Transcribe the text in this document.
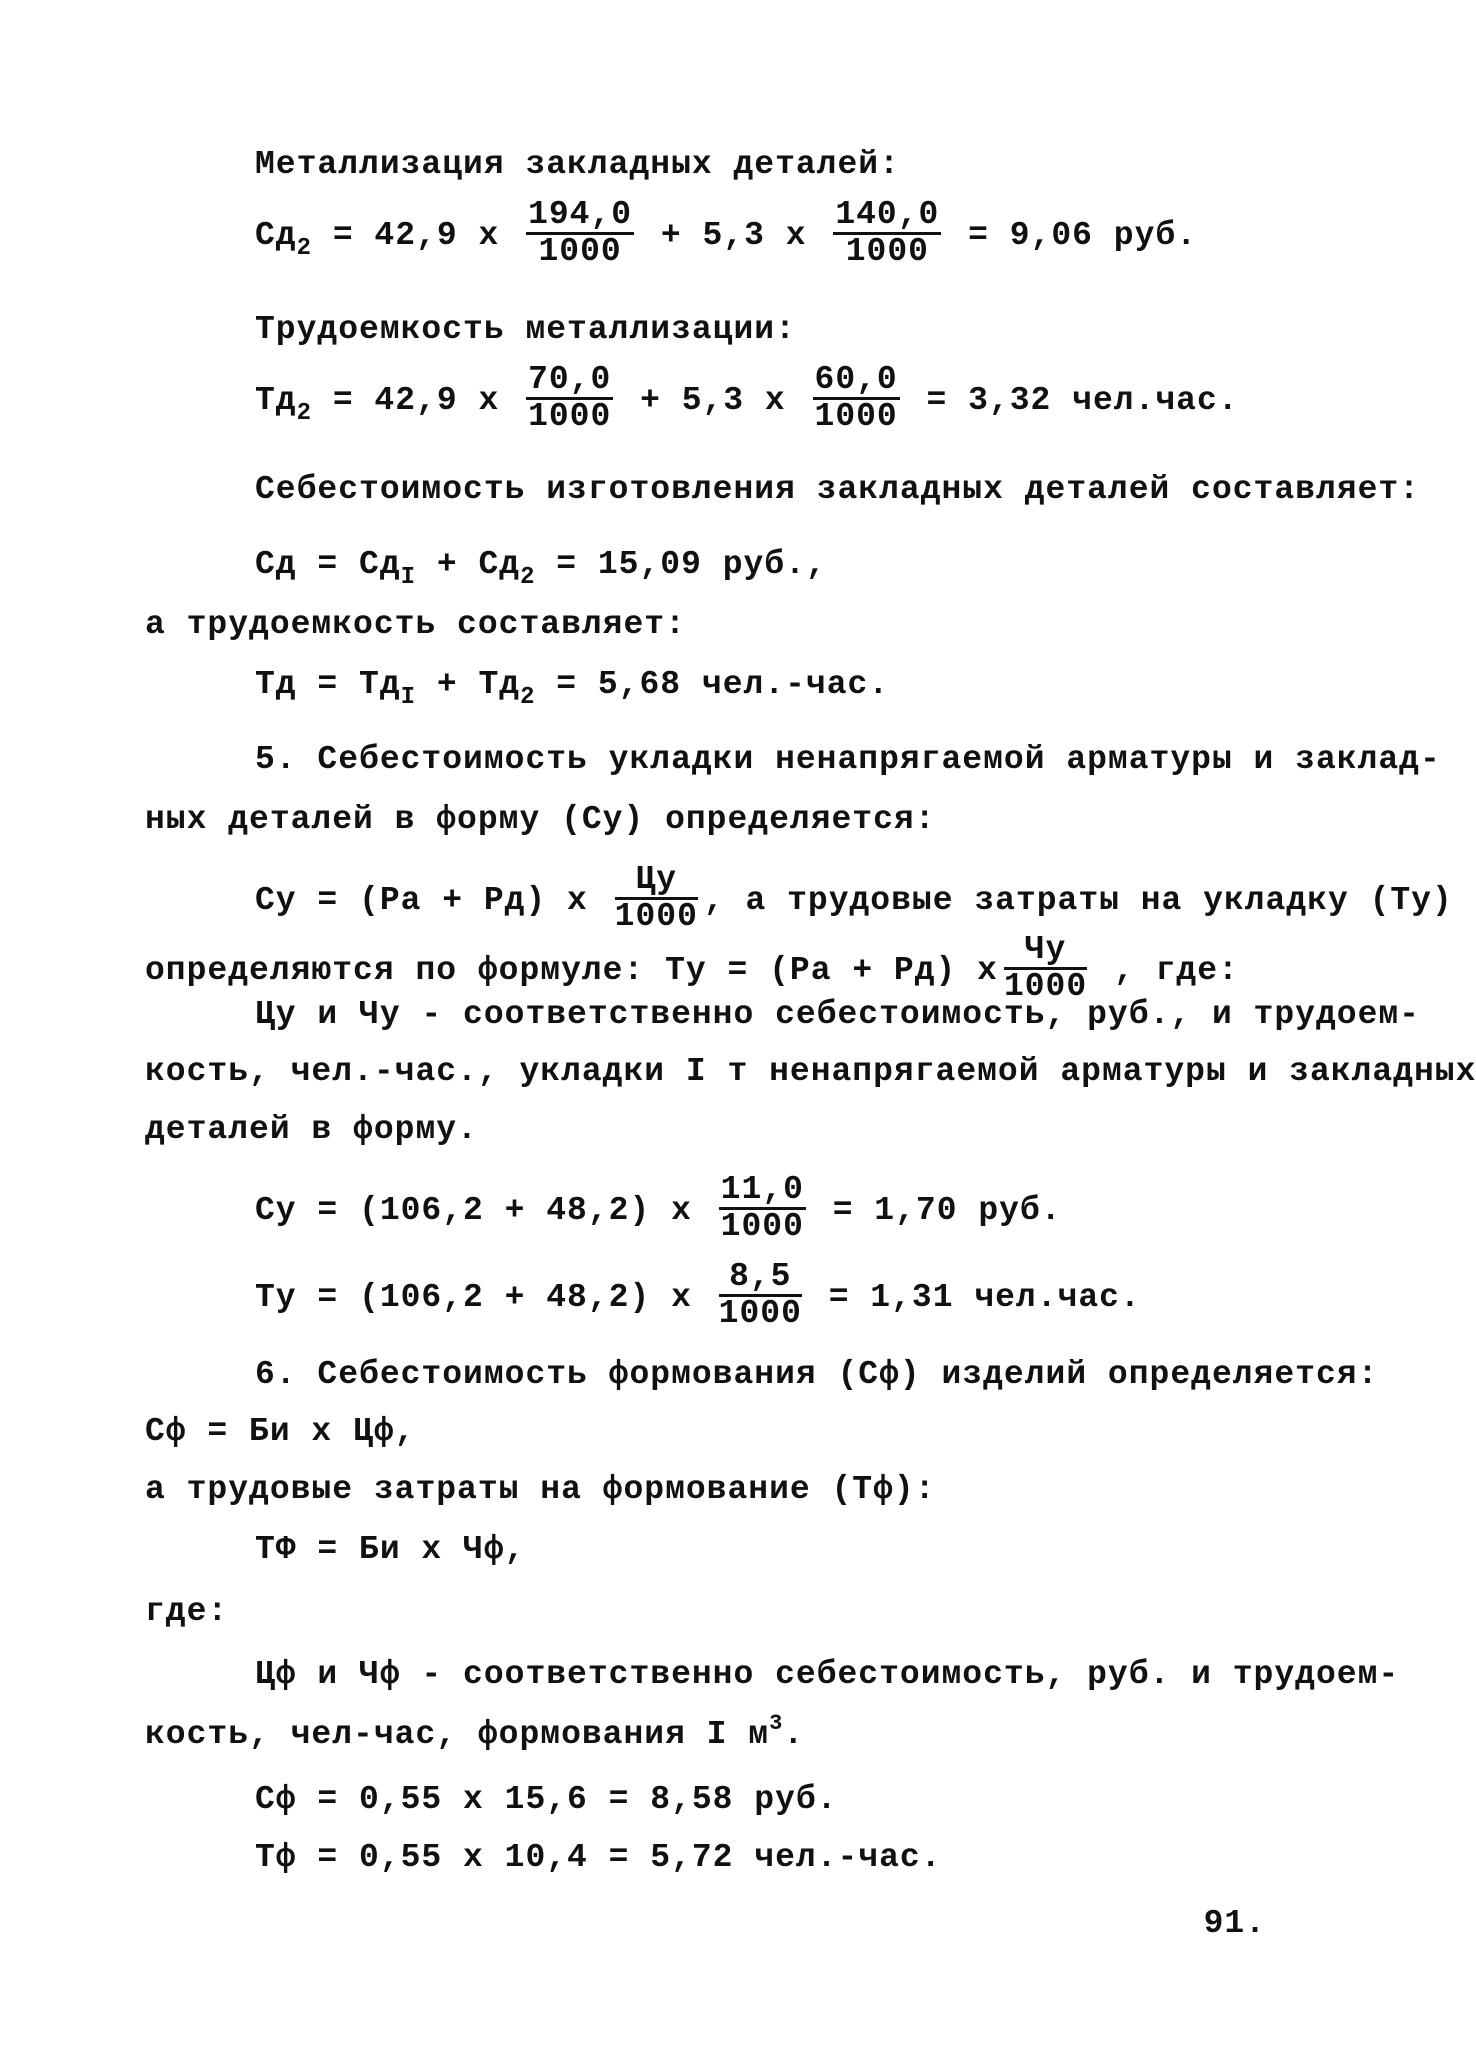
Металлизация закладных деталей:
$Сд_2 = 42,9$ х $\frac{194,0}{1000} + 5,3$ х $\frac{140,0}{1000} = 9,06$ руб.
Трудоемкость металлизации:
$Тд_2 = 42,9$ х $\frac{70,0}{1000} + 5,3$ х $\frac{60,0}{1000} = 3,32$ чел.час.
Себестоимость изготовления закладных деталей составляет:
Сд = $Сд_I + Сд_2 = 15,09$ руб.,
а трудоемкость составляет:
Тд = $Тд_I + Тд_2 = 5,68$ чел.-час.
5. Себестоимость укладки ненапрягаемой арматуры и заклад-
ных деталей в форму (Су) определяется:
Су = (Ра + Рд) х $\frac{Цу}{1000}$ , а трудовые затраты на укладку (Ту)
определяются по формуле: Ту = (Ра + Рд) х $\frac{Чу}{1000}$ , где:
Цу и Чу - соответственно себестоимость, руб., и трудоем-
кость, чел.-час., укладки I т ненапрягаемой арматуры и закладных
деталей в форму.
Су = (106,2 + 48,2) х $\frac{11,0}{1000} = 1,70$ руб.
Ту = (106,2 + 48,2) х $\frac{8,5}{1000} = 1,31$ чел.час.
6. Себестоимость формования (Сф) изделий определяется:
Сф = Би х Цф,
а трудовые затраты на формование (Тф):
ТФ = Би х Чф,
где:
Цф и Чф - соответственно себестоимость, руб. и трудоем-
кость, чел-час, формования I $м^3$.
Сф = 0,55 х 15,6 = 8,58 руб.
Тф = 0,55 х 10,4 = 5,72 чел.-час.
91.
